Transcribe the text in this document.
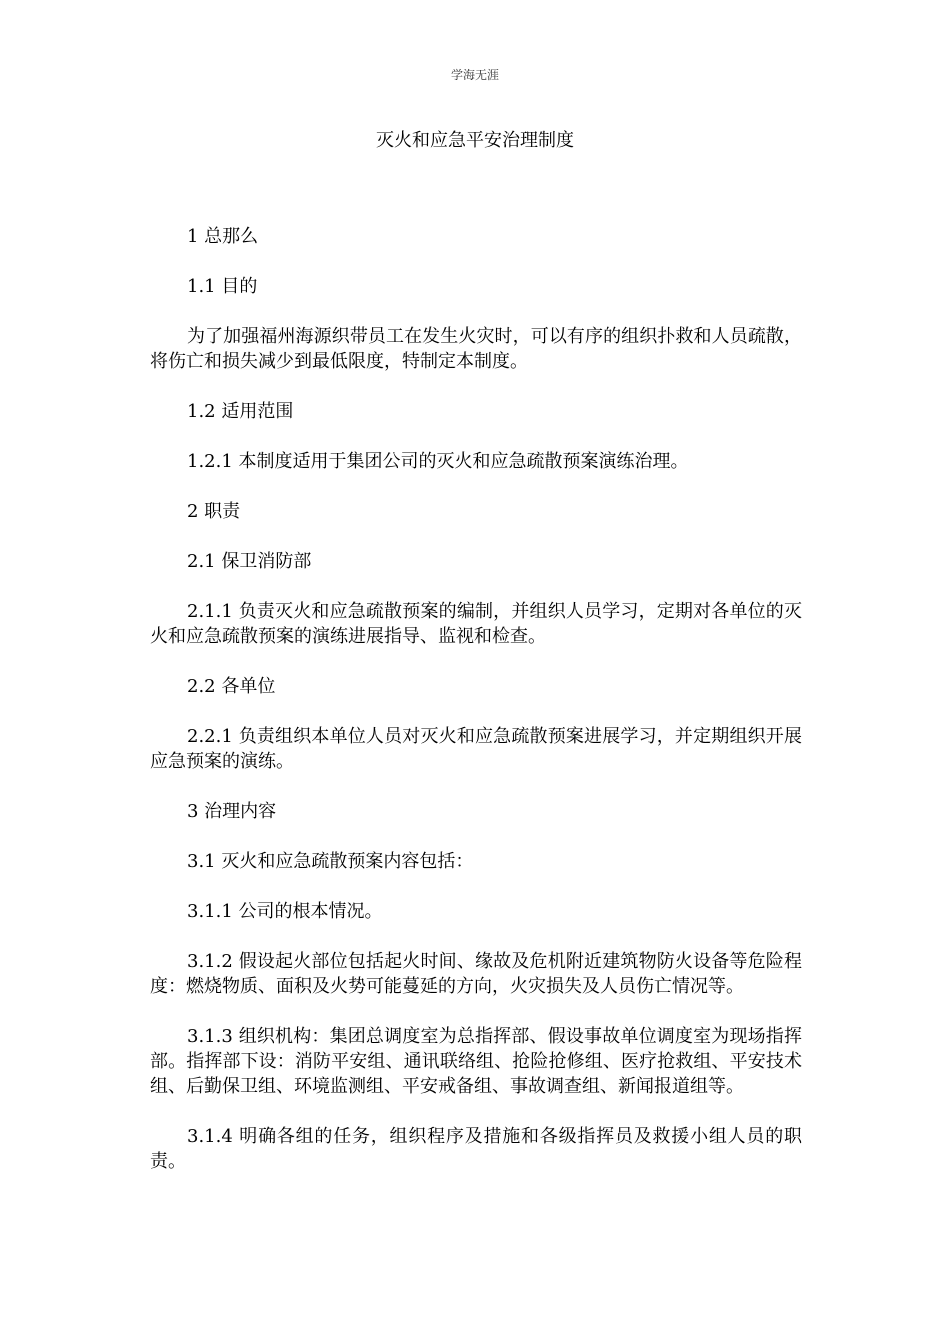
学海无涯
灭火和应急平安治理制度

1 总那么

1.1 目的

为了加强福州海源织带员工在发生火灾时，可以有序的组织扑救和人员疏散，将伤亡和损失减少到最低限度，特制定本制度。

1.2 适用范围

1.2.1 本制度适用于集团公司的灭火和应急疏散预案演练治理。

2 职责

2.1 保卫消防部

2.1.1 负责灭火和应急疏散预案的编制，并组织人员学习，定期对各单位的灭火和应急疏散预案的演练进展指导、监视和检查。

2.2 各单位

2.2.1 负责组织本单位人员对灭火和应急疏散预案进展学习，并定期组织开展应急预案的演练。

3 治理内容

3.1 灭火和应急疏散预案内容包括：

3.1.1 公司的根本情况。

3.1.2 假设起火部位包括起火时间、缘故及危机附近建筑物防火设备等危险程度：燃烧物质、面积及火势可能蔓延的方向，火灾损失及人员伤亡情况等。

3.1.3 组织机构：集团总调度室为总指挥部、假设事故单位调度室为现场指挥部。指挥部下设：消防平安组、通讯联络组、抢险抢修组、医疗抢救组、平安技术组、后勤保卫组、环境监测组、平安戒备组、事故调查组、新闻报道组等。

3.1.4 明确各组的任务，组织程序及措施和各级指挥员及救援小组人员的职责。
